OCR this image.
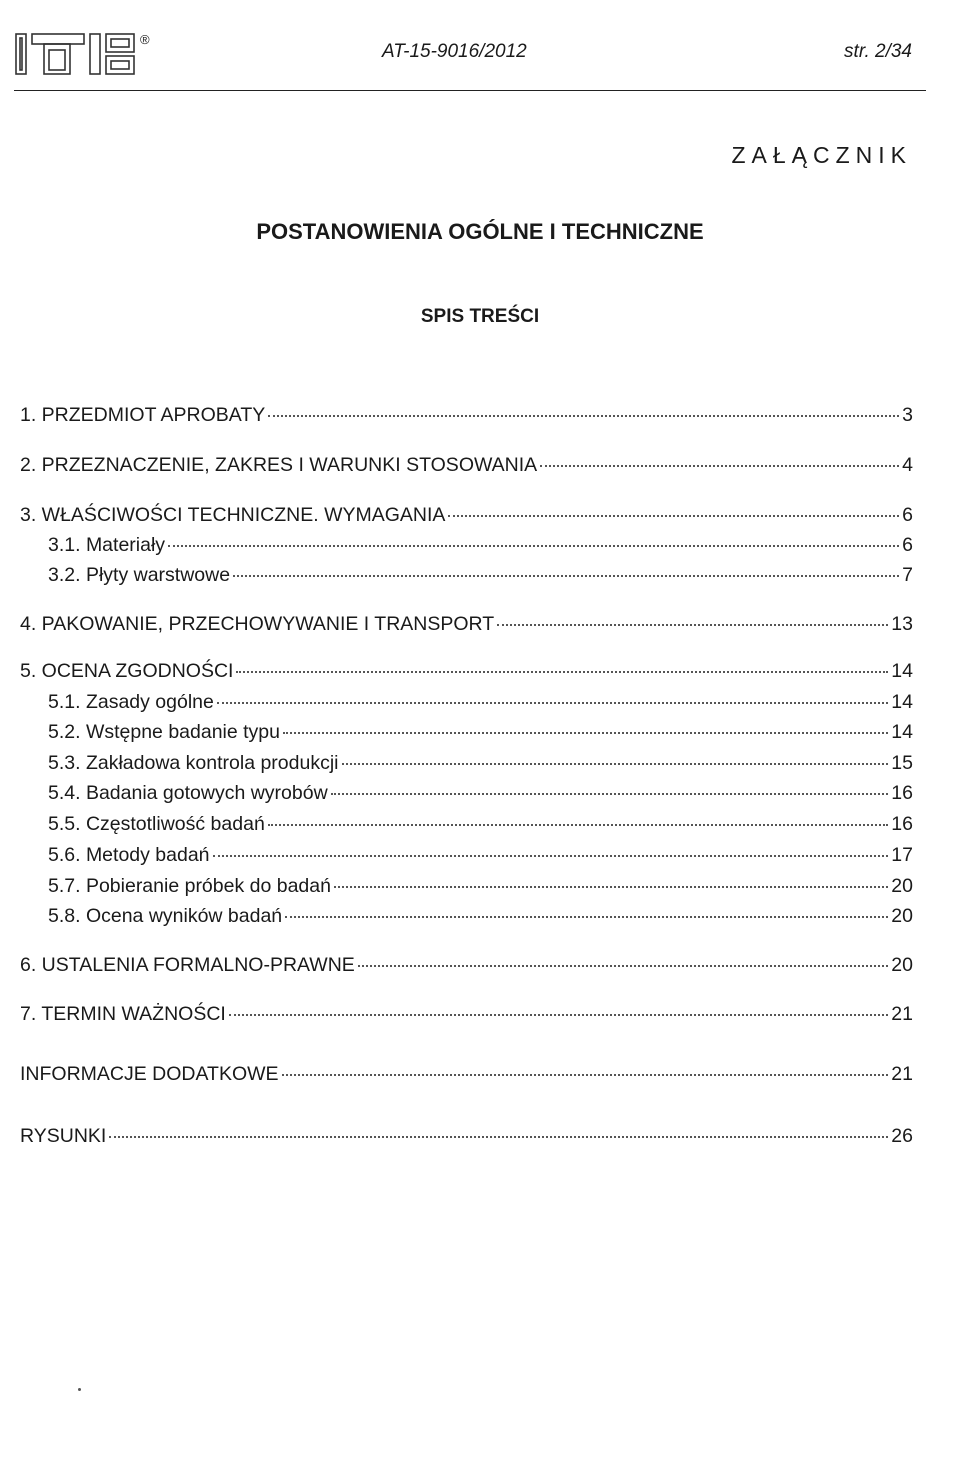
®
AT-15-9016/2012	str. 2/34
ZAŁĄCZNIK
POSTANOWIENIA OGÓLNE I TECHNICZNE
SPIS TREŚCI
1. PRZEDMIOT APROBATY	3
2. PRZEZNACZENIE, ZAKRES I WARUNKI STOSOWANIA	4
3. WŁAŚCIWOŚCI TECHNICZNE. WYMAGANIA	6
3.1. Materiały	6
3.2. Płyty warstwowe	7
4. PAKOWANIE, PRZECHOWYWANIE I TRANSPORT	13
5. OCENA ZGODNOŚCI	14
5.1. Zasady ogólne	14
5.2. Wstępne badanie typu	14
5.3. Zakładowa kontrola produkcji	15
5.4. Badania gotowych wyrobów	16
5.5. Częstotliwość badań	16
5.6. Metody badań	17
5.7. Pobieranie próbek do badań	20
5.8. Ocena wyników badań	20
6. USTALENIA FORMALNO-PRAWNE	20
7. TERMIN WAŻNOŚCI	21
INFORMACJE DODATKOWE	21
RYSUNKI	26
